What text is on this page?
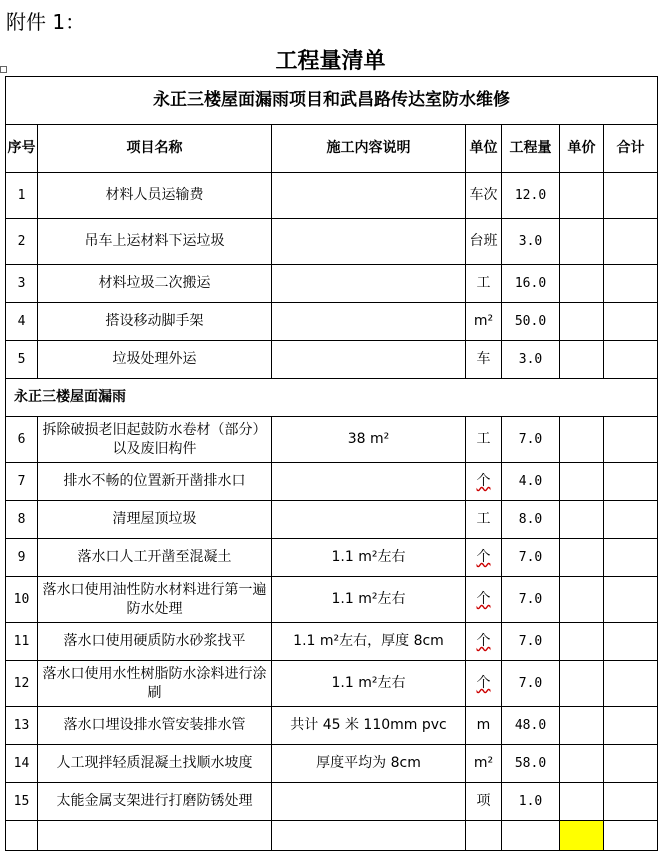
附件 1：
工程量清单
永正三楼屋面漏雨项目和武昌路传达室防水维修						
序号	项目名称	施工内容说明	单位	工程量	单价	合计
1	材料人员运输费		车次	12.0		
2	吊车上运材料下运垃圾		台班	3.0		
3	材料垃圾二次搬运		工	16.0		
4	搭设移动脚手架		m²	50.0		
5	垃圾处理外运		车	3.0		
永正三楼屋面漏雨						
6	拆除破损老旧起鼓防水卷材（部分）以及废旧构件	38 m²	工	7.0		
7	排水不畅的位置新开凿排水口		个	4.0		
8	清理屋顶垃圾		工	8.0		
9	落水口人工开凿至混凝土	1.1 m²左右	个	7.0		
10	落水口使用油性防水材料进行第一遍防水处理	1.1 m²左右	个	7.0		
11	落水口使用硬质防水砂浆找平	1.1 m²左右，厚度 8cm	个	7.0		
12	落水口使用水性树脂防水涂料进行涂刷	1.1 m²左右	个	7.0		
13	落水口埋设排水管安装排水管	共计 45 米 110mm pvc	m	48.0		
14	人工现拌轻质混凝土找顺水坡度	厚度平均为 8cm	m²	58.0		
15	太能金属支架进行打磨防锈处理		项	1.0		
